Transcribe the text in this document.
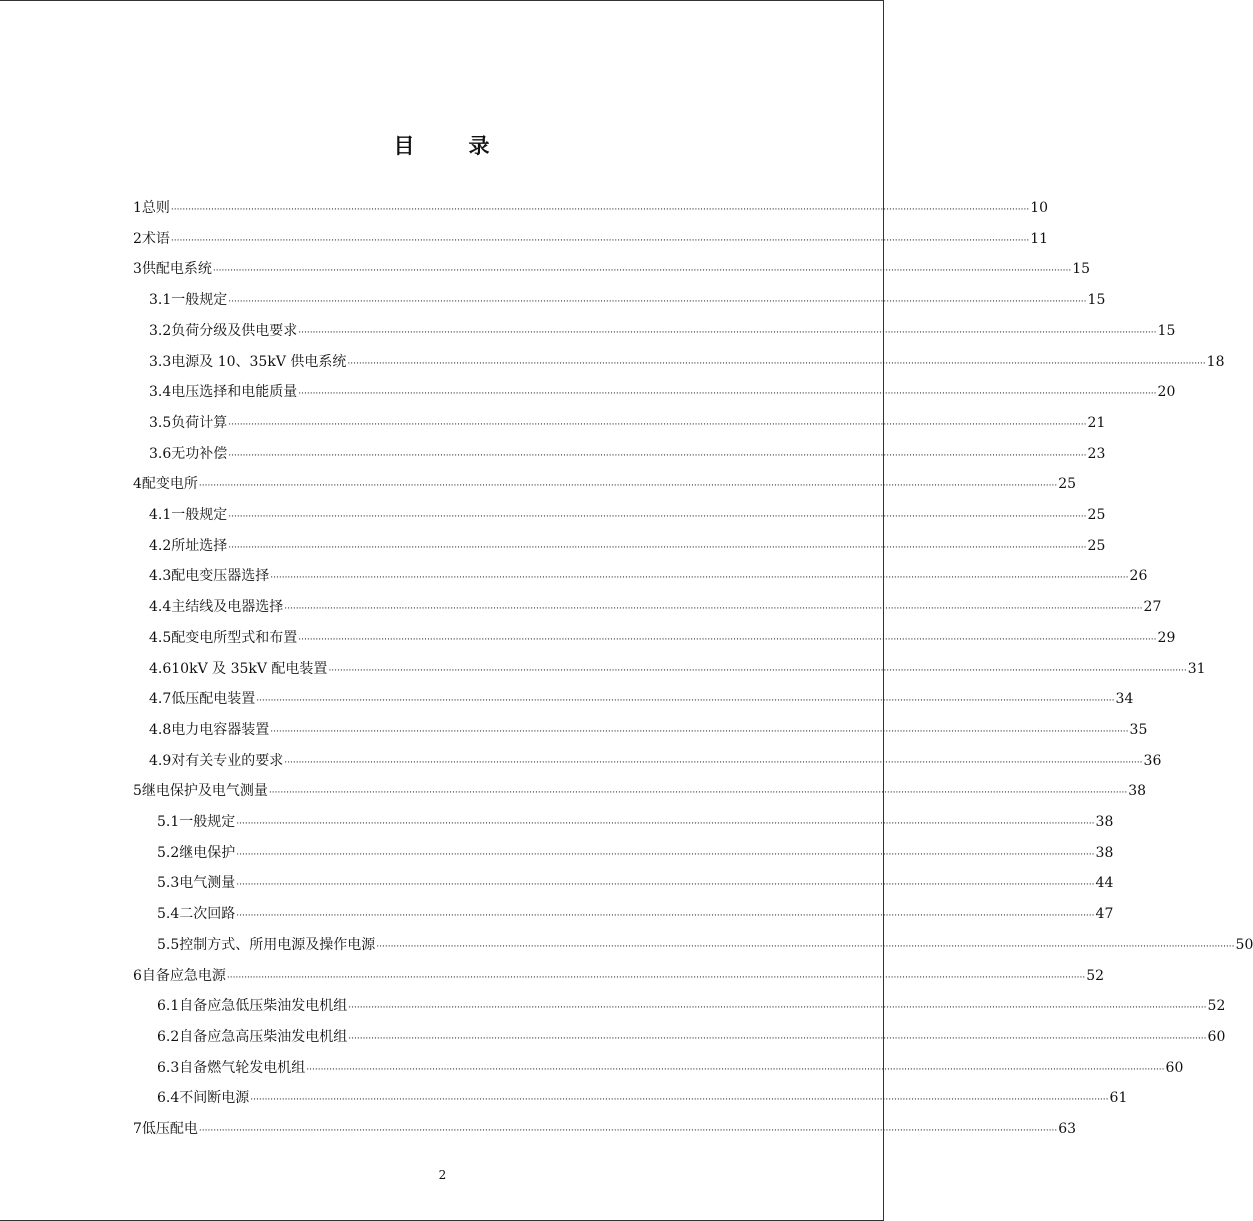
目 录
1 总则 ············································································································································································································································································································ 10
2 术语 ············································································································································································································································································································ 11
3 供配电系统 ············································································································································································································································································································ 15
3.1 一般规定 ············································································································································································································································································································ 15
3.2 负荷分级及供电要求 ············································································································································································································································································································ 15
3.3 电源及 10、35kV 供电系统 ············································································································································································································································································································ 18
3.4 电压选择和电能质量 ············································································································································································································································································································ 20
3.5 负荷计算 ············································································································································································································································································································ 21
3.6 无功补偿 ············································································································································································································································································································ 23
4 配变电所 ············································································································································································································································································································ 25
4.1 一般规定 ············································································································································································································································································································ 25
4.2 所址选择 ············································································································································································································································································································ 25
4.3 配电变压器选择 ············································································································································································································································································································ 26
4.4 主结线及电器选择 ············································································································································································································································································································ 27
4.5 配变电所型式和布置 ············································································································································································································································································································ 29
4.6 10kV 及 35kV 配电装置 ············································································································································································································································································································ 31
4.7 低压配电装置 ············································································································································································································································································································ 34
4.8 电力电容器装置 ············································································································································································································································································································ 35
4.9 对有关专业的要求 ············································································································································································································································································································ 36
5 继电保护及电气测量 ············································································································································································································································································································ 38
5.1 一般规定 ············································································································································································································································································································ 38
5.2 继电保护 ············································································································································································································································································································ 38
5.3 电气测量 ············································································································································································································································································································ 44
5.4 二次回路 ············································································································································································································································································································ 47
5.5 控制方式、所用电源及操作电源 ············································································································································································································································································································ 50
6 自备应急电源 ············································································································································································································································································································ 52
6.1 自备应急低压柴油发电机组 ············································································································································································································································································································ 52
6.2 自备应急高压柴油发电机组 ············································································································································································································································································································ 60
6.3 自备燃气轮发电机组 ············································································································································································································································································································ 60
6.4 不间断电源 ············································································································································································································································································································ 61
7 低压配电 ············································································································································································································································································································ 63
2
